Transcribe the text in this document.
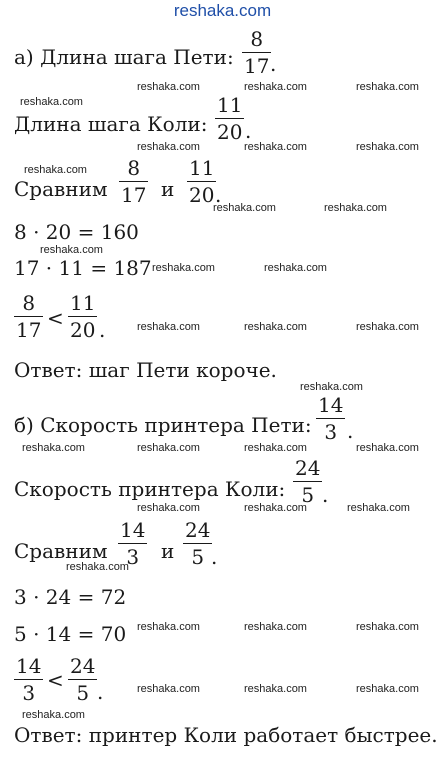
reshaka.com
а) Длина шага Пети:
8
17 .
reshaka.com
reshaka.com	reshaka.com	reshaka.com
Длина шага Коли:
11
20 .
reshaka.com	reshaka.com	reshaka.com
reshaka.com
Сравним
8
17 и
11
20 .
reshaka.com	reshaka.com
8 · 20 = 160
reshaka.com
17 · 11 = 187 reshaka.com	reshaka.com
8
17 <
11
20 .	reshaka.com	reshaka.com	reshaka.com
Ответ: шаг Пети короче.
reshaka.com
б) Скорость принтера Пети:
14
3 .
reshaka.com	reshaka.com	reshaka.com	reshaka.com
Скорость принтера Коли:
24
5 .
reshaka.com	reshaka.com	reshaka.com
Сравним
14
3	и
24
5 .
reshaka.com
3 · 24 = 72
5 · 14 = 70 reshaka.com	reshaka.com	reshaka.com
14
3
<
24
5 .	reshaka.com	reshaka.com	reshaka.com
reshaka.com
Ответ: принтер Коли работает быстрее.
